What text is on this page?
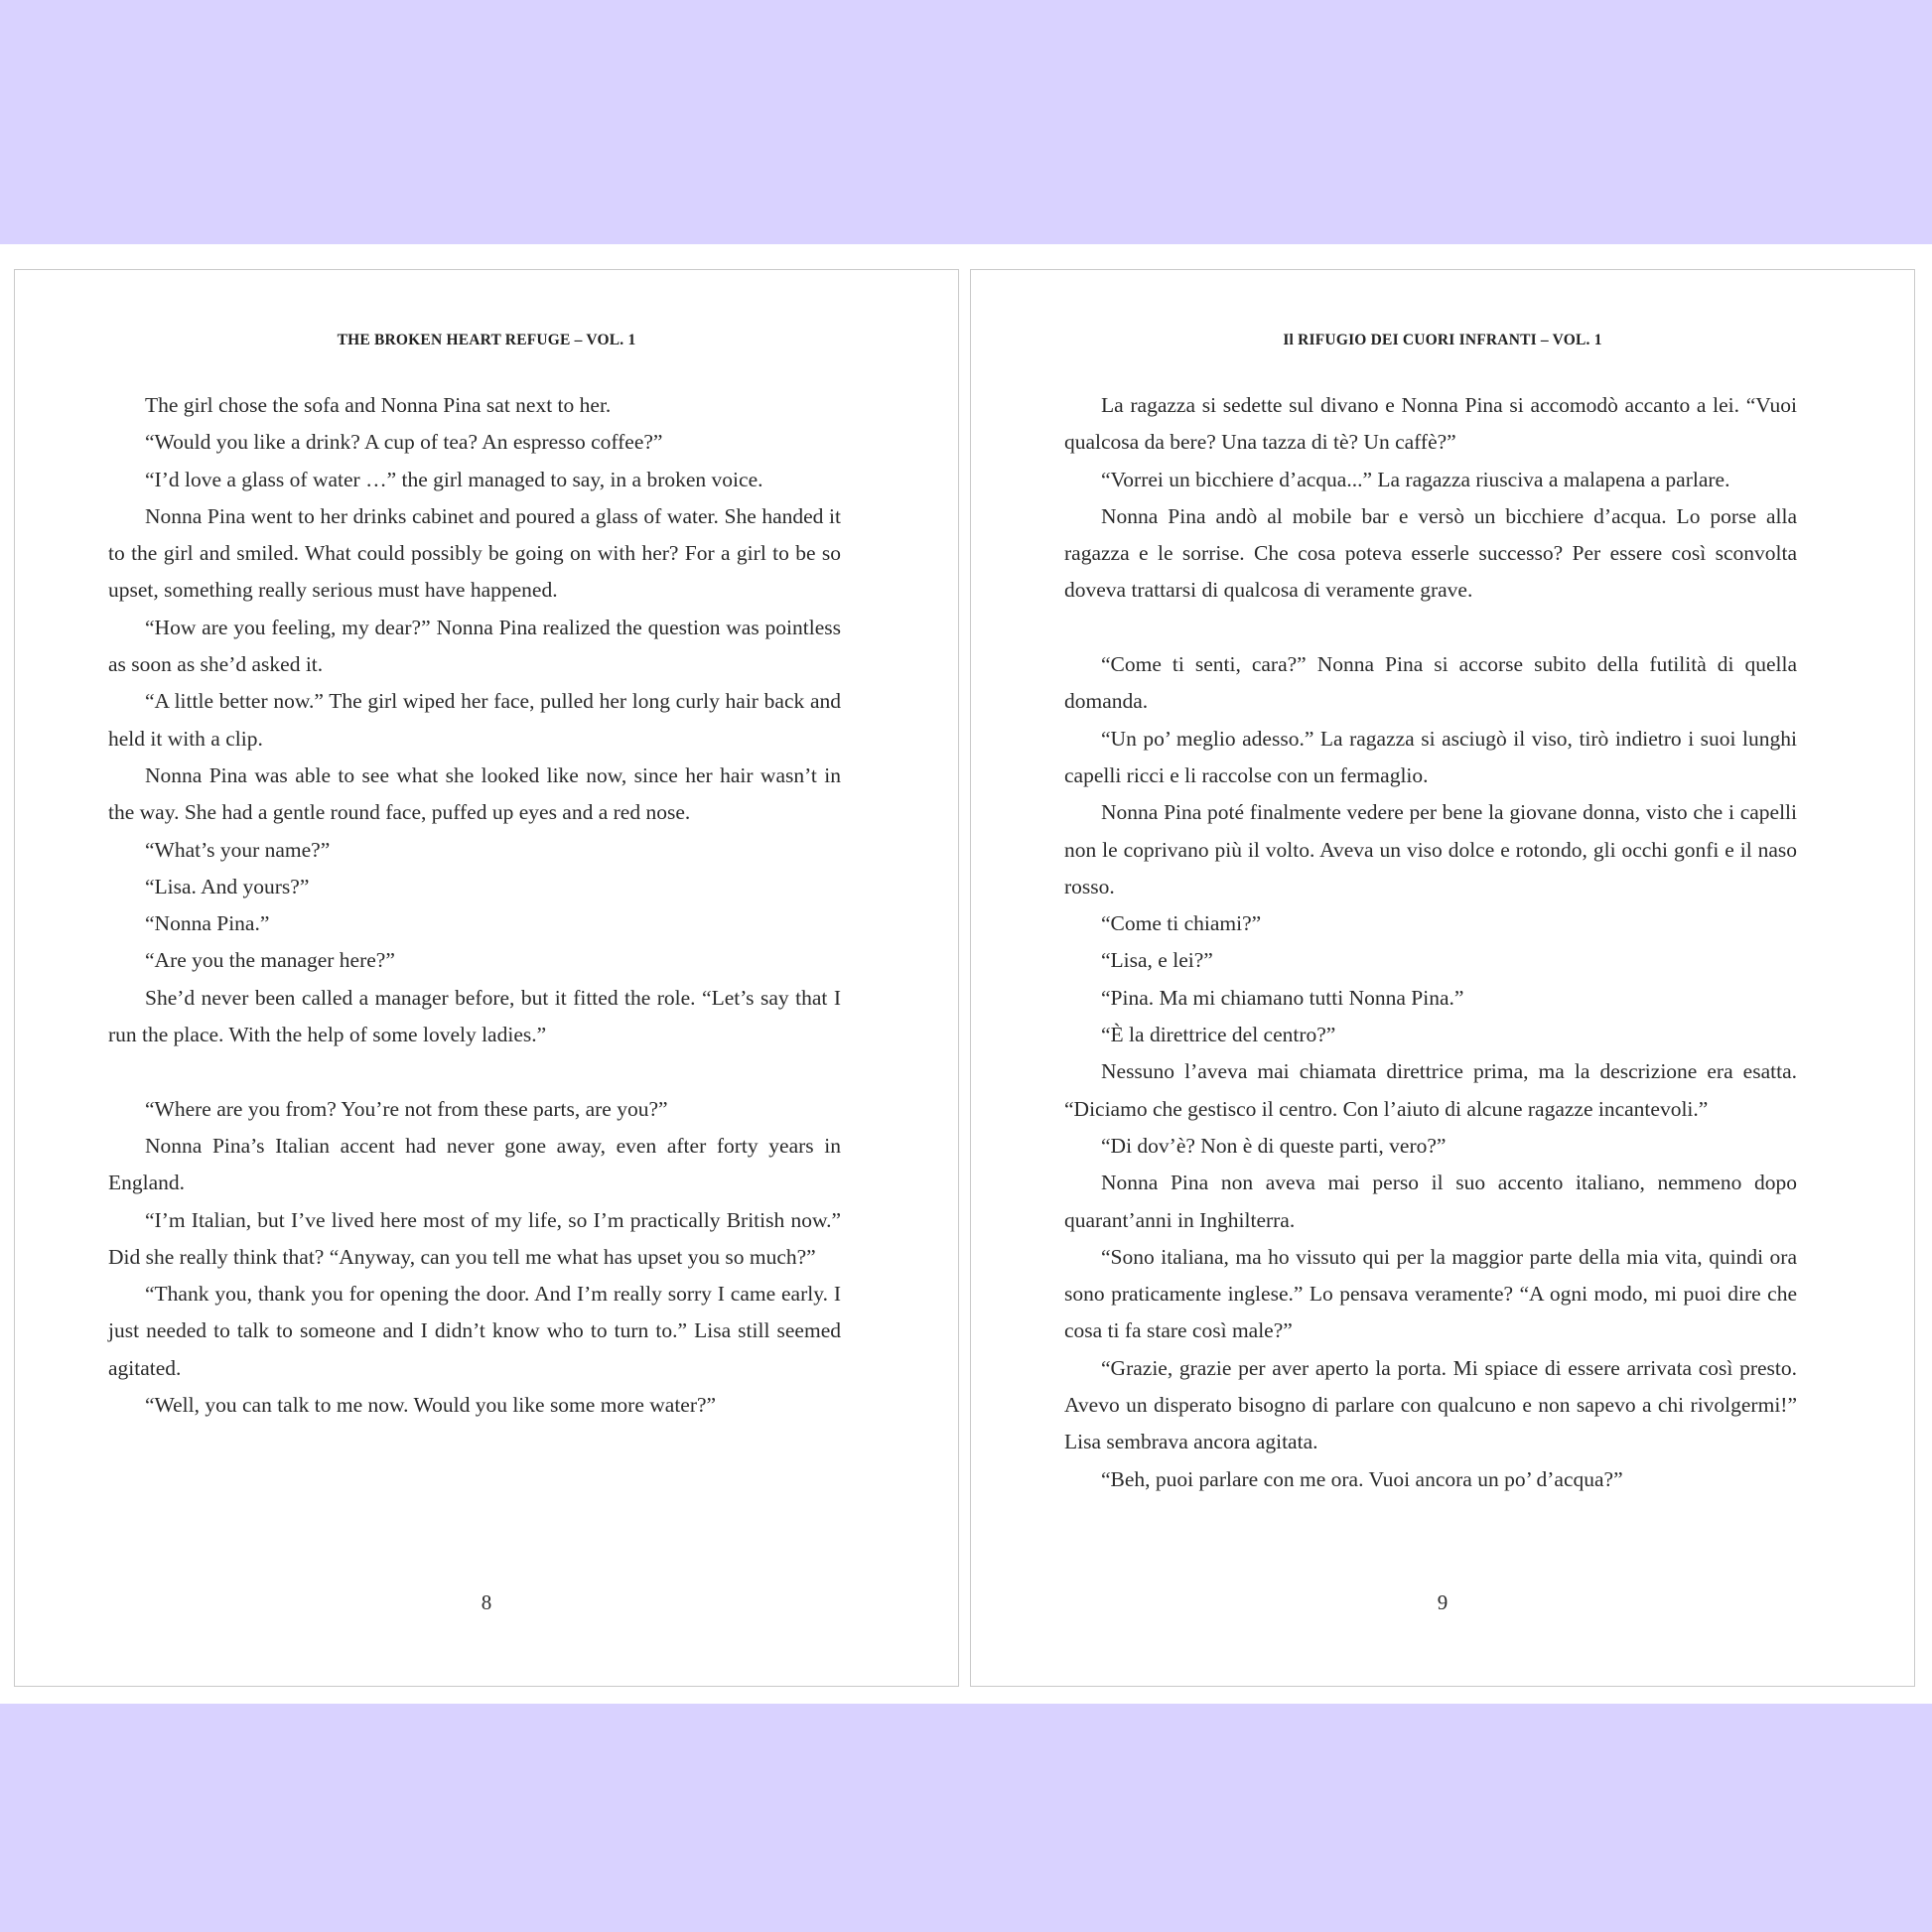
THE BROKEN HEART REFUGE – VOL. 1

The girl chose the sofa and Nonna Pina sat next to her.

“Would you like a drink? A cup of tea? An espresso coffee?”

“I’d love a glass of water …” the girl managed to say, in a broken voice.

Nonna Pina went to her drinks cabinet and poured a glass of water. She handed it to the girl and smiled. What could possibly be going on with her? For a girl to be so upset, something really serious must have happened.

“How are you feeling, my dear?” Nonna Pina realized the question was pointless as soon as she’d asked it.

“A little better now.” The girl wiped her face, pulled her long curly hair back and held it with a clip.

Nonna Pina was able to see what she looked like now, since her hair wasn’t in the way. She had a gentle round face, puffed up eyes and a red nose.

“What’s your name?”

“Lisa. And yours?”

“Nonna Pina.”

“Are you the manager here?”

She’d never been called a manager before, but it fitted the role. “Let’s say that I run the place. With the help of some lovely ladies.”

“Where are you from? You’re not from these parts, are you?”

Nonna Pina’s Italian accent had never gone away, even after forty years in England.

“I’m Italian, but I’ve lived here most of my life, so I’m practically British now.” Did she really think that? “Anyway, can you tell me what has upset you so much?”

“Thank you, thank you for opening the door. And I’m really sorry I came early. I just needed to talk to someone and I didn’t know who to turn to.” Lisa still seemed agitated.

“Well, you can talk to me now. Would you like some more water?”

8
Il RIFUGIO DEI CUORI INFRANTI – VOL. 1

La ragazza si sedette sul divano e Nonna Pina si accomodò accanto a lei. “Vuoi qualcosa da bere? Una tazza di tè? Un caffè?”

“Vorrei un bicchiere d’acqua...” La ragazza riusciva a malapena a parlare.

Nonna Pina andò al mobile bar e versò un bicchiere d’acqua. Lo porse alla ragazza e le sorrise. Che cosa poteva esserle successo? Per essere così sconvolta doveva trattarsi di qualcosa di veramente grave.

“Come ti senti, cara?” Nonna Pina si accorse subito della futilità di quella domanda.

“Un po’ meglio adesso.” La ragazza si asciugò il viso, tirò indietro i suoi lunghi capelli ricci e li raccolse con un fermaglio.

Nonna Pina poté finalmente vedere per bene la giovane donna, visto che i capelli non le coprivano più il volto. Aveva un viso dolce e rotondo, gli occhi gonfi e il naso rosso.

“Come ti chiami?”

“Lisa, e lei?”

“Pina. Ma mi chiamano tutti Nonna Pina.”

“È la direttrice del centro?”

Nessuno l’aveva mai chiamata direttrice prima, ma la descrizione era esatta. “Diciamo che gestisco il centro. Con l’aiuto di alcune ragazze incantevoli.”

“Di dov’è? Non è di queste parti, vero?”

Nonna Pina non aveva mai perso il suo accento italiano, nemmeno dopo quarant’anni in Inghilterra.

“Sono italiana, ma ho vissuto qui per la maggior parte della mia vita, quindi ora sono praticamente inglese.” Lo pensava veramente? “A ogni modo, mi puoi dire che cosa ti fa stare così male?”

“Grazie, grazie per aver aperto la porta. Mi spiace di essere arrivata così presto. Avevo un disperato bisogno di parlare con qualcuno e non sapevo a chi rivolgermi!” Lisa sembrava ancora agitata.

“Beh, puoi parlare con me ora. Vuoi ancora un po’ d’acqua?”

9
